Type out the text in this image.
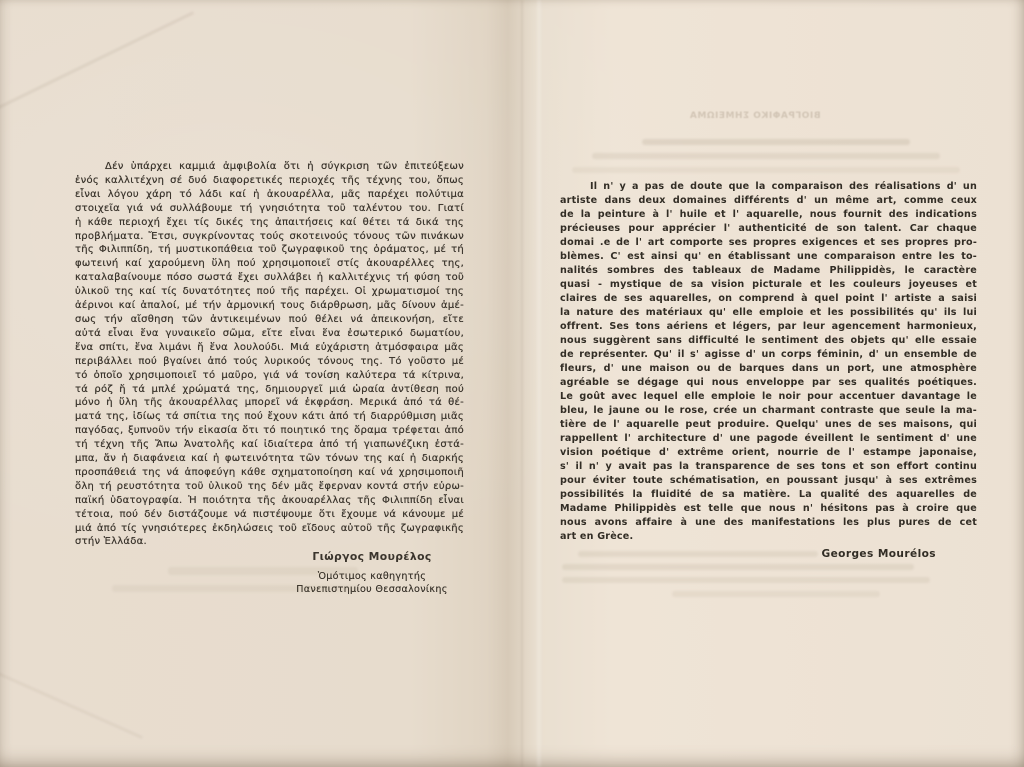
Δέν ὑπάρχει καμμιά ἀμφιβολία ὅτι ἡ σύγκριση τῶν ἐπιτεύξεων
ἑνός καλλιτέχνη σέ δυό διαφορετικές περιοχές τῆς τέχνης του, ὅπως
εἶναι λόγου χάρη τό λάδι καί ἡ ἀκουαρέλλα, μᾶς παρέχει πολύτιμα
στοιχεῖα γιά νά συλλάβουμε τή γνησιότητα τοῦ ταλέντου του. Γιατί
ἡ κάθε περιοχή ἔχει τίς δικές της ἀπαιτήσεις καί θέτει τά δικά της
προβλήματα. Ἔτσι, συγκρίνοντας τούς σκοτεινούς τόνους τῶν πινάκων
τῆς Φιλιππίδη, τή μυστικοπάθεια τοῦ ζωγραφικοῦ της ὁράματος, μέ τή
φωτεινή καί χαρούμενη ὕλη πού χρησιμοποιεῖ στίς ἀκουαρέλλες της,
καταλαβαίνουμε πόσο σωστά ἔχει συλλάβει ἡ καλλιτέχνις τή φύση τοῦ
ὑλικοῦ της καί τίς δυνατότητες πού τῆς παρέχει. Οἱ χρωματισμοί της
ἀέρινοι καί ἁπαλοί, μέ τήν ἁρμονική τους διάρθρωση, μᾶς δίνουν ἀμέ-
σως τήν αἴσθηση τῶν ἀντικειμένων πού θέλει νά ἀπεικονήση, εἴτε
αὐτά εἶναι ἕνα γυναικεῖο σῶμα, εἴτε εἶναι ἕνα ἐσωτερικό δωματίου,
ἕνα σπίτι, ἕνα λιμάνι ἤ ἕνα λουλούδι. Μιά εὐχάριστη ἀτμόσφαιρα μᾶς
περιβάλλει πού βγαίνει ἀπό τούς λυρικούς τόνους της. Τό γοῦστο μέ
τό ὁποῖο χρησιμοποιεῖ τό μαῦρο, γιά νά τονίση καλύτερα τά κίτρινα,
τά ρόζ ἤ τά μπλέ χρώματά της, δημιουργεῖ μιά ὡραία ἀντίθεση πού
μόνο ἡ ὕλη τῆς ἀκουαρέλλας μπορεῖ νά ἐκφράση. Μερικά ἀπό τά θέ-
ματά της, ἰδίως τά σπίτια της πού ἔχουν κάτι ἀπό τή διαρρύθμιση μιᾶς
παγόδας, ξυπνοῦν τήν εἰκασία ὅτι τό ποιητικό της ὅραμα τρέφεται ἀπό
τή τέχνη τῆς Ἄπω Ἀνατολῆς καί ἰδιαίτερα ἀπό τή γιαπωνέζικη ἐστά-
μπα, ἄν ἡ διαφάνεια καί ἡ φωτεινότητα τῶν τόνων της καί ἡ διαρκής
προσπάθειά της νά ἀποφεύγη κάθε σχηματοποίηση καί νά χρησιμοποιῆ
ὅλη τή ρευστότητα τοῦ ὑλικοῦ της δέν μᾶς ἔφερναν κοντά στήν εὐρω-
παϊκή ὑδατογραφία. Ἡ ποιότητα τῆς ἀκουαρέλλας τῆς Φιλιππίδη εἶναι
τέτοια, πού δέν διστάζουμε νά πιστέψουμε ὅτι ἔχουμε νά κάνουμε μέ
μιά ἀπό τίς γνησιότερες ἐκδηλώσεις τοῦ εἴδους αὐτοῦ τῆς ζωγραφικῆς
στήν Ἑλλάδα.
Γιώργος Μουρέλος
Ὁμότιμος καθηγητής
Πανεπιστημίου Θεσσαλονίκης
ΒΙΟΓΡΑΦΙΚΟ ΣΗΜΕΙΩΜΑ
Il n' y a pas de doute que la comparaison des réalisations d' un
artiste dans deux domaines différents d' un même art, comme ceux
de la peinture à l' huile et l' aquarelle, nous fournit des indications
précieuses pour apprécier l' authenticité de son talent. Car chaque
domai .e de l' art comporte ses propres exigences et ses propres pro-
blèmes. C' est ainsi qu' en établissant une comparaison entre les to-
nalités sombres des tableaux de Madame Philippidès, le caractère
quasi - mystique de sa vision picturale et les couleurs joyeuses et
claires de ses aquarelles, on comprend à quel point l' artiste a saisi
la nature des matériaux qu' elle emploie et les possibilités qu' ils lui
offrent. Ses tons aériens et légers, par leur agencement harmonieux,
nous suggèrent sans difficulté le sentiment des objets qu' elle essaie
de représenter. Qu' il s' agisse d' un corps féminin, d' un ensemble de
fleurs, d' une maison ou de barques dans un port, une atmosphère
agréable se dégage qui nous enveloppe par ses qualités poétiques.
Le goût avec lequel elle emploie le noir pour accentuer davantage le
bleu, le jaune ou le rose, crée un charmant contraste que seule la ma-
tière de l' aquarelle peut produire. Quelqu' unes de ses maisons, qui
rappellent l' architecture d' une pagode éveillent le sentiment d' une
vision poétique d' extrême orient, nourrie de l' estampe japonaise,
s' il n' y avait pas la transparence de ses tons et son effort continu
pour éviter toute schématisation, en poussant jusqu' à ses extrêmes
possibilités la fluidité de sa matière. La qualité des aquarelles de
Madame Philippidès est telle que nous n' hésitons pas à croire que
nous avons affaire à une des manifestations les plus pures de cet
art en Grèce.
Georges Mourélos
